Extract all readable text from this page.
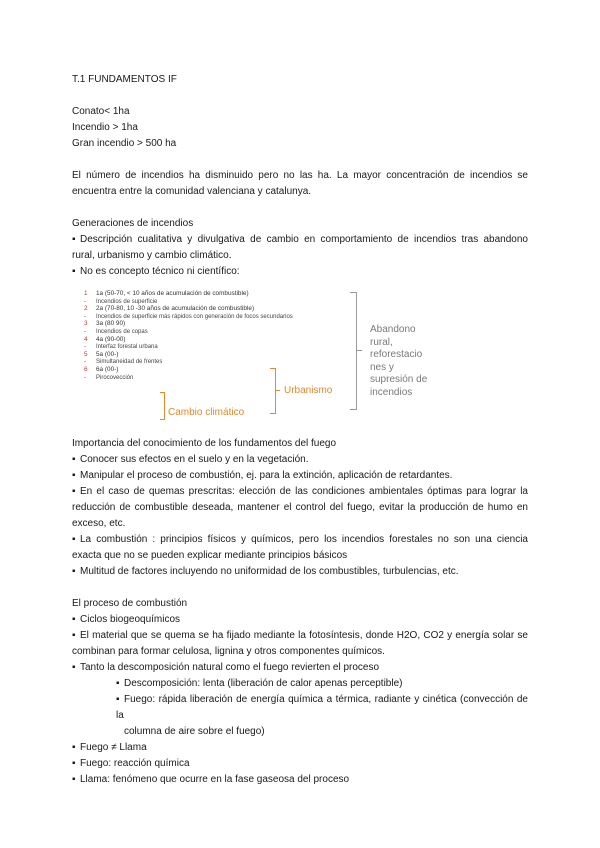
T.1 FUNDAMENTOS IF
Conato< 1ha
Incendio > 1ha
Gran incendio > 500 ha
El número de incendios ha disminuido pero no las ha. La mayor concentración de incendios se
encuentra entre la comunidad valenciana y catalunya.
Generaciones de incendios
▪ Descripción cualitativa y divulgativa de cambio en comportamiento de incendios tras abandono
rural, urbanismo y cambio climático.
▪ No es concepto técnico ni científico:
1 1a (50-70, < 10 años de acumulación de combustible)
- Incendios de superficie
2 2a (70-80, 10 -30 años de acumulación de combustible)
- Incendios de superficie más rápidos con generación de focos secundarios
3 3a (80 90)
- Incendios de copas
4 4a (90-00)
- Interfaz forestal urbana
5 5a (00-)
- Simultaneidad de frentes
6 6a (00-)
- Pirocovección
Abandono rural, reforestacio nes y supresión de incendios
Urbanismo
Cambio climático
Importancia del conocimiento de los fundamentos del fuego
▪ Conocer sus efectos en el suelo y en la vegetación.
▪ Manipular el proceso de combustión, ej. para la extinción, aplicación de retardantes.
▪ En el caso de quemas prescritas: elección de las condiciones ambientales óptimas para lograr la
reducción de combustible deseada, mantener el control del fuego, evitar la producción de humo en
exceso, etc.
▪ La combustión : principios físicos y químicos, pero los incendios forestales no son una ciencia
exacta que no se pueden explicar mediante principios básicos
▪ Multitud de factores incluyendo no uniformidad de los combustibles, turbulencias, etc.
El proceso de combustión
▪ Ciclos biogeoquímicos
▪ El material que se quema se ha fijado mediante la fotosíntesis, donde H2O, CO2 y energía solar se
combinan para formar celulosa, lignina y otros componentes químicos.
▪ Tanto la descomposición natural como el fuego revierten el proceso
▪ Descomposición: lenta (liberación de calor apenas perceptible)
▪ Fuego: rápida liberación de energía química a térmica, radiante y cinética (convección de la
columna de aire sobre el fuego)
▪ Fuego ≠ Llama
▪ Fuego: reacción química
▪ Llama: fenómeno que ocurre en la fase gaseosa del proceso
